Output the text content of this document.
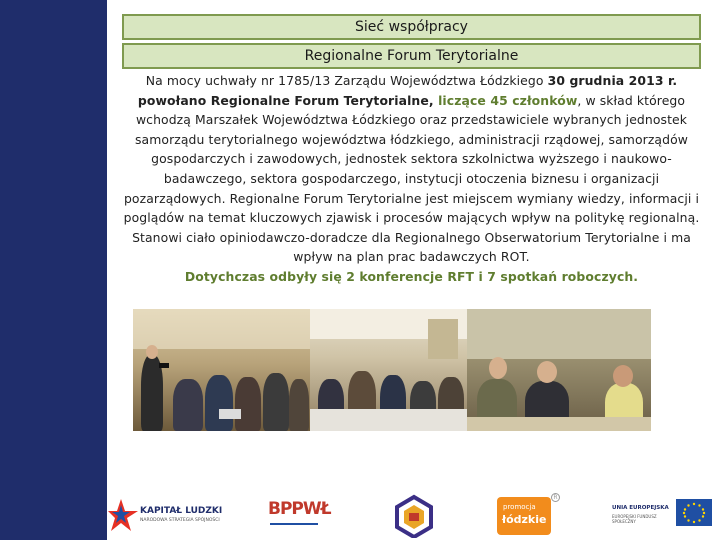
Sieć współpracy
Regionalne Forum Terytorialne
Na mocy uchwały nr 1785/13 Zarządu Województwa Łódzkiego 30 grudnia 2013 r. powołano Regionalne Forum Terytorialne, liczące 45 członków, w skład którego wchodzą Marszałek Województwa Łódzkiego oraz przedstawiciele wybranych jednostek samorządu terytorialnego województwa łódzkiego, administracji rządowej, samorządów gospodarczych i zawodowych, jednostek sektora szkolnictwa wyższego i naukowo-badawczego, sektora gospodarczego, instytucji otoczenia biznesu i organizacji pozarządowych. Regionalne Forum Terytorialne jest miejscem wymiany wiedzy, informacji i poglądów na temat kluczowych zjawisk i procesów mających wpływ na politykę regionalną. Stanowi ciało opiniodawczo-doradcze dla Regionalnego Obserwatorium Terytorialne i ma wpływ na plan prac badawczych ROT.
Dotychczas odbyły się 2 konferencje RFT i 7 spotkań roboczych.
KAPITAŁ LUDZKI
NARODOWA STRATEGIA SPÓJNOŚCI
BPPWŁ	promocja
łódzkie
R
UNIA EUROPEJSKA
EUROPEJSKI FUNDUSZ SPOŁECZNY
